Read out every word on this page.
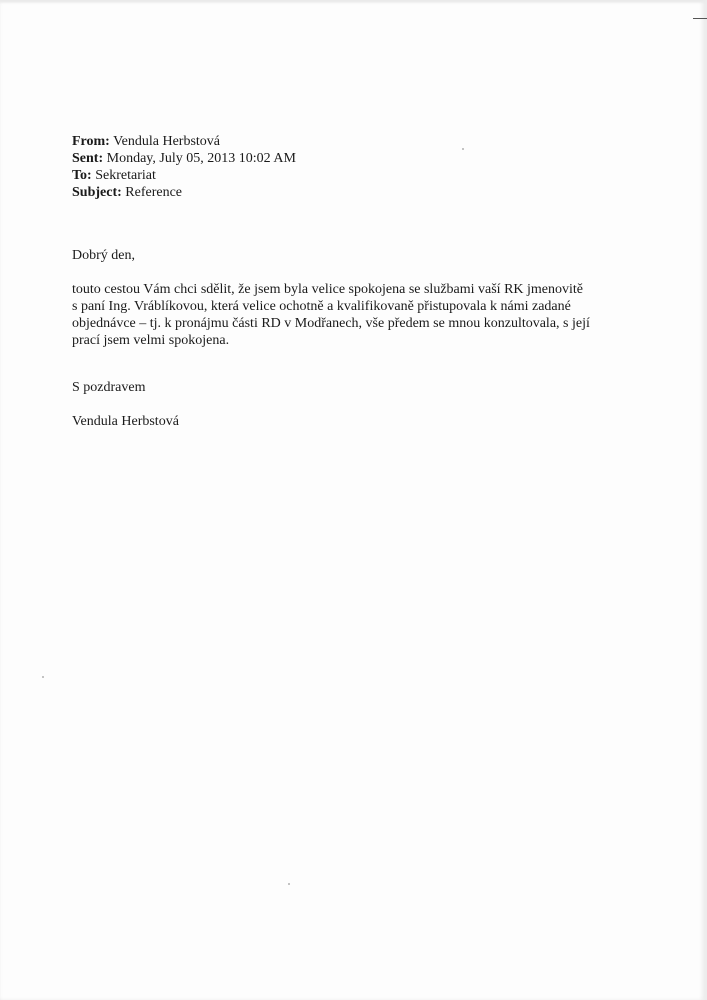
From: Vendula Herbstová
Sent: Monday, July 05, 2013 10:02 AM
To: Sekretariat
Subject: Reference
Dobrý den,
touto cestou Vám chci sdělit, že jsem byla velice spokojena se službami vaší RK jmenovitě
s paní Ing. Vráblíkovou, která velice ochotně a kvalifikovaně přistupovala k námi zadané
objednávce – tj. k pronájmu části RD v Modřanech, vše předem se mnou konzultovala, s její
prací jsem velmi spokojena.
S pozdravem
Vendula Herbstová
